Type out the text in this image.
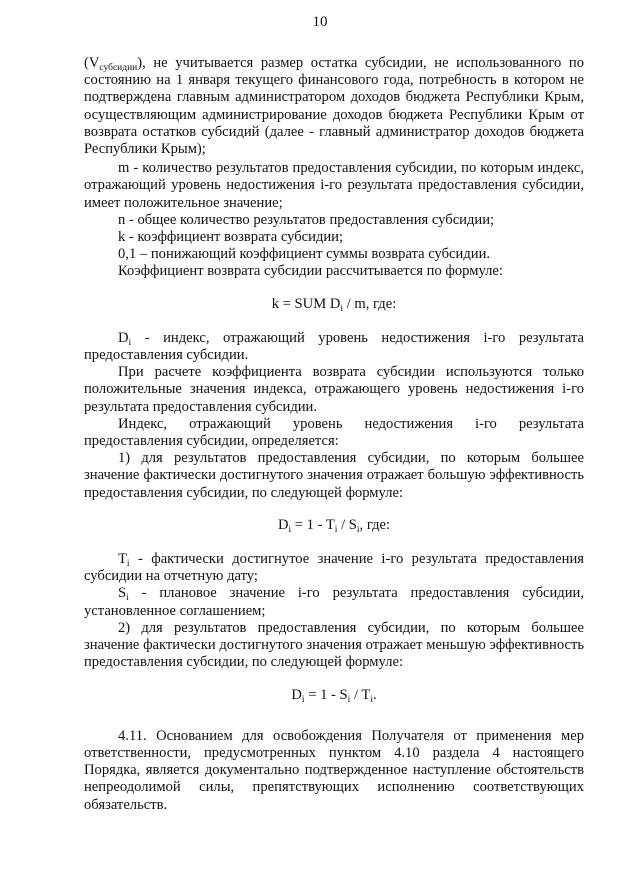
10

$(V_{субсидии})$, не учитывается размер остатка субсидии, не использованного по состоянию на 1 января текущего финансового года, потребность в котором не подтверждена главным администратором доходов бюджета Республики Крым, осуществляющим администрирование доходов бюджета Республики Крым от возврата остатков субсидий (далее - главный администратор доходов бюджета Республики Крым);

m - количество результатов предоставления субсидии, по которым индекс, отражающий уровень недостижения i-го результата предоставления субсидии, имеет положительное значение;

n - общее количество результатов предоставления субсидии;

k - коэффициент возврата субсидии;

0,1 – понижающий коэффициент суммы возврата субсидии.

Коэффициент возврата субсидии рассчитывается по формуле:

k = SUM $D_i$ / m, где:

$D_i$ - индекс, отражающий уровень недостижения i-го результата предоставления субсидии.

При расчете коэффициента возврата субсидии используются только положительные значения индекса, отражающего уровень недостижения i-го результата предоставления субсидии.

Индекс, отражающий уровень недостижения i-го результата предоставления субсидии, определяется:

1) для результатов предоставления субсидии, по которым большее значение фактически достигнутого значения отражает большую эффективность предоставления субсидии, по следующей формуле:

$D_i = 1 - T_i / S_i$, где:

$T_i$ - фактически достигнутое значение i-го результата предоставления субсидии на отчетную дату;

$S_i$ - плановое значение i-го результата предоставления субсидии, установленное соглашением;

2) для результатов предоставления субсидии, по которым большее значение фактически достигнутого значения отражает меньшую эффективность предоставления субсидии, по следующей формуле:

$D_i = 1 - S_i / T_i$.

4.11. Основанием для освобождения Получателя от применения мер ответственности, предусмотренных пунктом 4.10 раздела 4 настоящего Порядка, является документально подтвержденное наступление обстоятельств непреодолимой силы, препятствующих исполнению соответствующих обязательств.
